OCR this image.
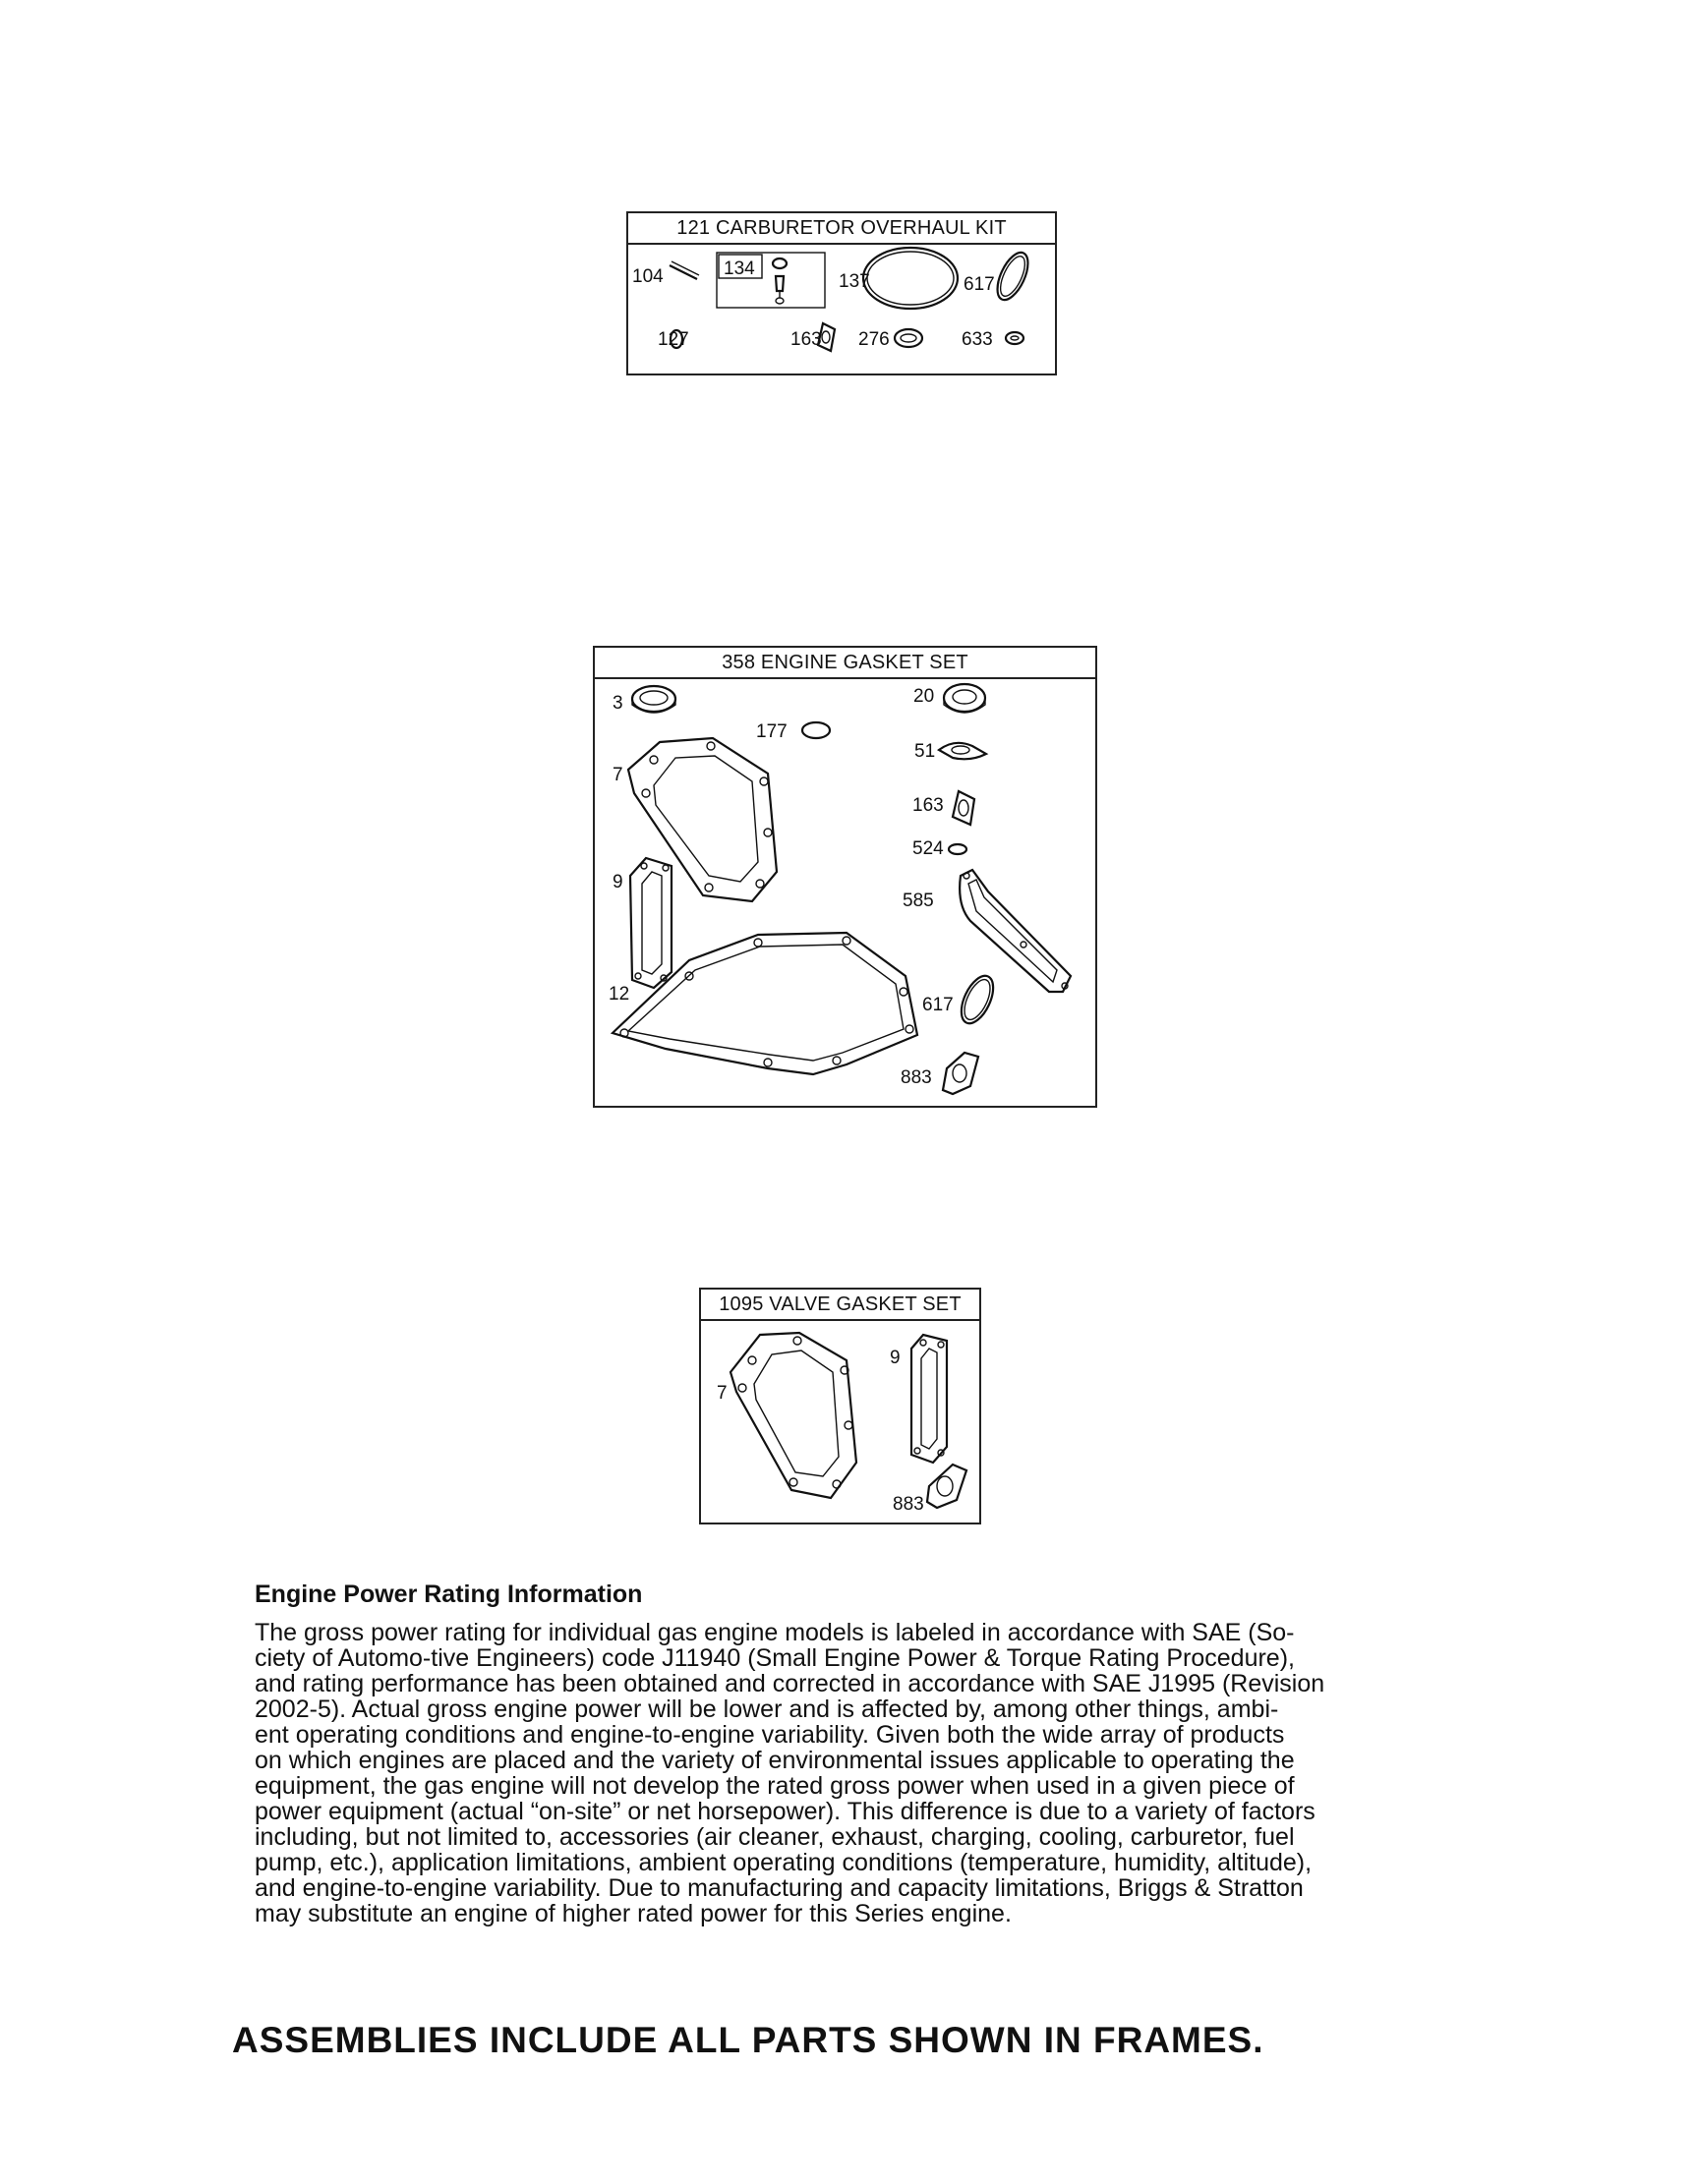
121 CARBURETOR OVERHAUL KIT
104	134
137	617
127	163 276	633
358 ENGINE GASKET SET
3
177
20
7
51
163
524
9
585
12
617
883
1095 VALVE GASKET SET
7
9
883
Engine Power Rating Information

The gross power rating for individual gas engine models is labeled in accordance with SAE (So-
ciety of Automo-tive Engineers) code J11940 (Small Engine Power & Torque Rating Procedure),
and rating performance has been obtained and corrected in accordance with SAE J1995 (Revision
2002-5). Actual gross engine power will be lower and is affected by, among other things, ambi-
ent operating conditions and engine-to-engine variability. Given both the wide array of products
on which engines are placed and the variety of environmental issues applicable to operating the
equipment, the gas engine will not develop the rated gross power when used in a given piece of
power equipment (actual “on-site” or net horsepower). This difference is due to a variety of factors
including, but not limited to, accessories (air cleaner, exhaust, charging, cooling, carburetor, fuel
pump, etc.), application limitations, ambient operating conditions (temperature, humidity, altitude),
and engine-to-engine variability. Due to manufacturing and capacity limitations, Briggs & Stratton
may substitute an engine of higher rated power for this Series engine.

ASSEMBLIES INCLUDE ALL PARTS SHOWN IN FRAMES.
